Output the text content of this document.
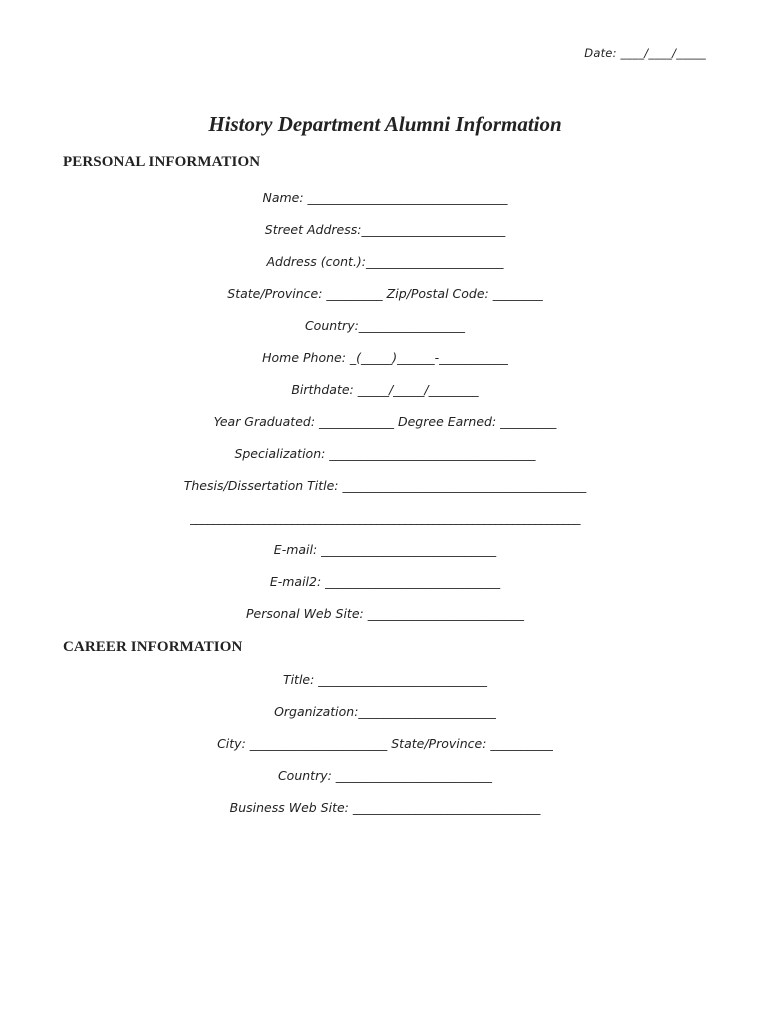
Date: ____/____/_____
History Department Alumni Information
PERSONAL INFORMATION
Name: ________________________________
Street Address:_______________________
Address (cont.):______________________
State/Province: _________ Zip/Postal Code: ________
Country:_________________
Home Phone: _(_____)______-___________
Birthdate: _____/_____/________
Year Graduated: ____________ Degree Earned: _________
Specialization: _________________________________
Thesis/Dissertation Title: _______________________________________
_____________________________________________________________________
E-mail: ____________________________
E-mail2: ____________________________
Personal Web Site: _________________________
CAREER INFORMATION
Title: ___________________________
Organization:______________________
City: ______________________ State/Province: __________
Country: _________________________
Business Web Site: ______________________________
